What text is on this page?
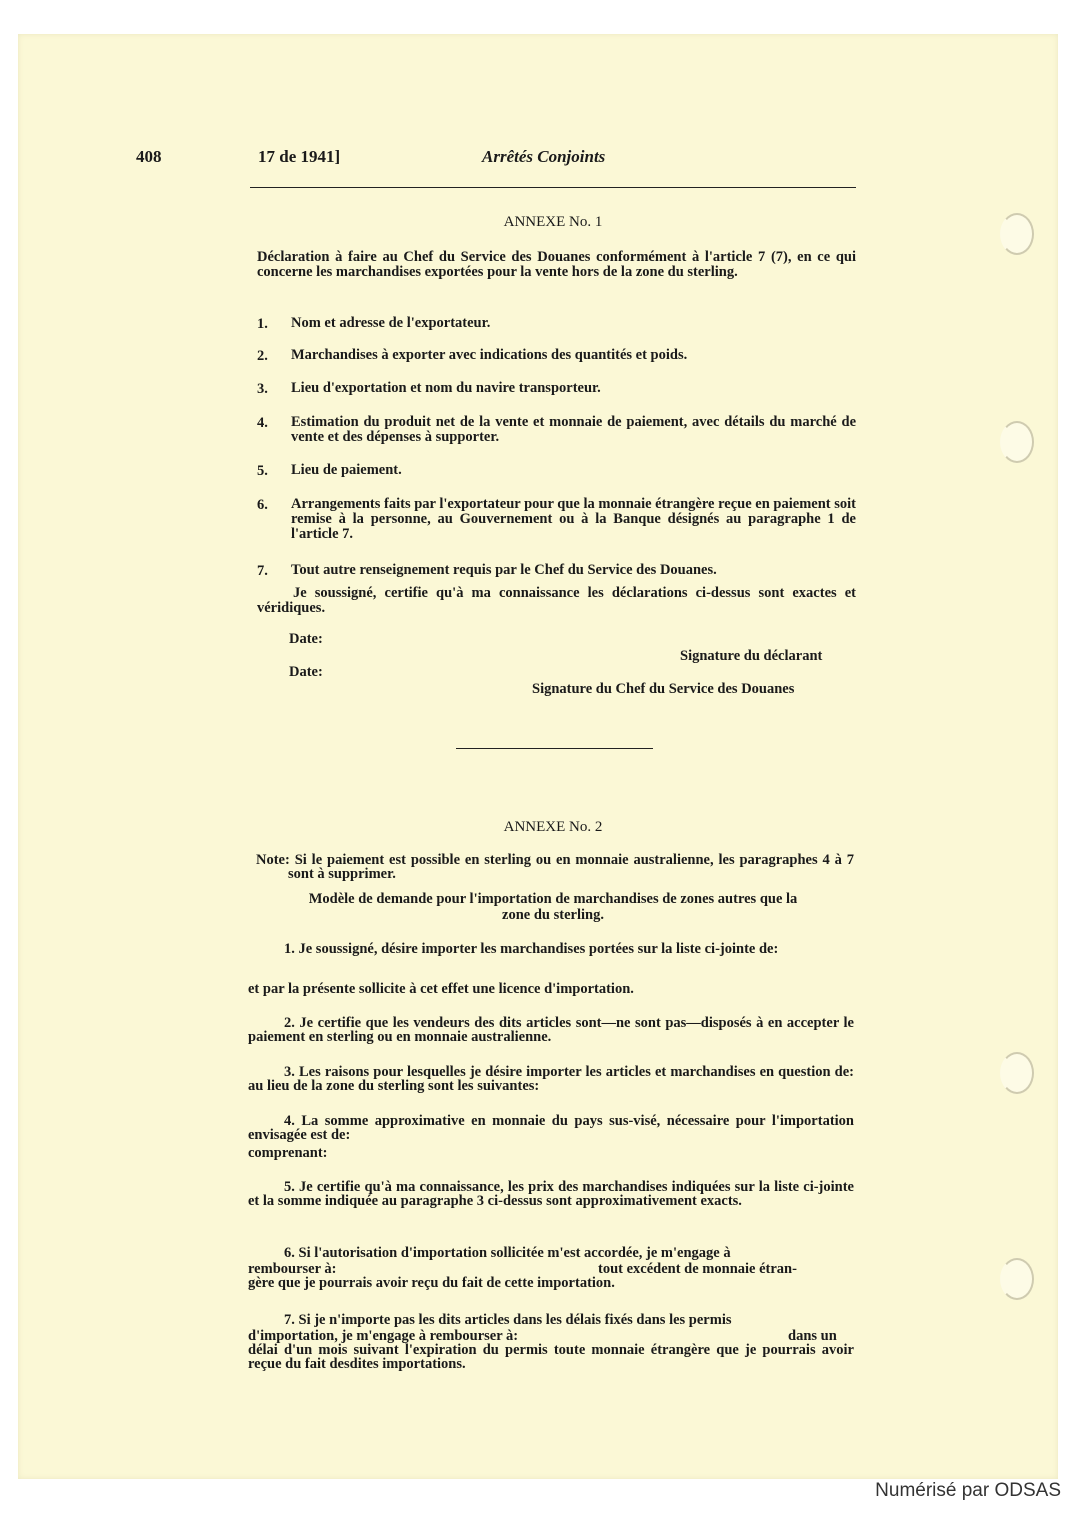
408	17 de 1941]	Arrêtés Conjoints
ANNEXE No. 1
Déclaration à faire au Chef du Service des Douanes conformément à l'article 7 (7), en ce qui concerne les marchandises exportées pour la vente hors de la zone du sterling.
1. Nom et adresse de l'exportateur.
2. Marchandises à exporter avec indications des quantités et poids.
3. Lieu d'exportation et nom du navire transporteur.
4. Estimation du produit net de la vente et monnaie de paiement, avec détails du marché de vente et des dépenses à supporter.
5. Lieu de paiement.
6. Arrangements faits par l'exportateur pour que la monnaie étrangère reçue en paiement soit remise à la personne, au Gouvernement ou à la Banque désignés au paragraphe 1 de l'article 7.
7. Tout autre renseignement requis par le Chef du Service des Douanes.
Je soussigné, certifie qu'à ma connaissance les déclarations ci-dessus sont exactes et véridiques.
Date:
Signature du déclarant
Date:
Signature du Chef du Service des Douanes
ANNEXE No. 2
Note: Si le paiement est possible en sterling ou en monnaie australienne, les paragraphes 4 à 7 sont à supprimer.
Modèle de demande pour l'importation de marchandises de zones autres que la
zone du sterling.
1. Je soussigné, désire importer les marchandises portées sur la liste ci-jointe de:
et par la présente sollicite à cet effet une licence d'importation.
2. Je certifie que les vendeurs des dits articles sont—ne sont pas—disposés à en accepter le paiement en sterling ou en monnaie australienne.
3. Les raisons pour lesquelles je désire importer les articles et marchandises en question de: au lieu de la zone du sterling sont les suivantes:
4. La somme approximative en monnaie du pays sus-visé, nécessaire pour l'importation envisagée est de:
comprenant:
5. Je certifie qu'à ma connaissance, les prix des marchandises indiquées sur la liste ci-jointe et la somme indiquée au paragraphe 3 ci-dessus sont approximativement exacts.
6. Si l'autorisation d'importation sollicitée m'est accordée, je m'engage à
rembourser à:	tout excédent de monnaie étran-
gère que je pourrais avoir reçu du fait de cette importation.
7. Si je n'importe pas les dits articles dans les délais fixés dans les permis
d'importation, je m'engage à rembourser à:	dans un
délai d'un mois suivant l'expiration du permis toute monnaie étrangère que je pourrais avoir reçue du fait desdites importations.
Numérisé par ODSAS
